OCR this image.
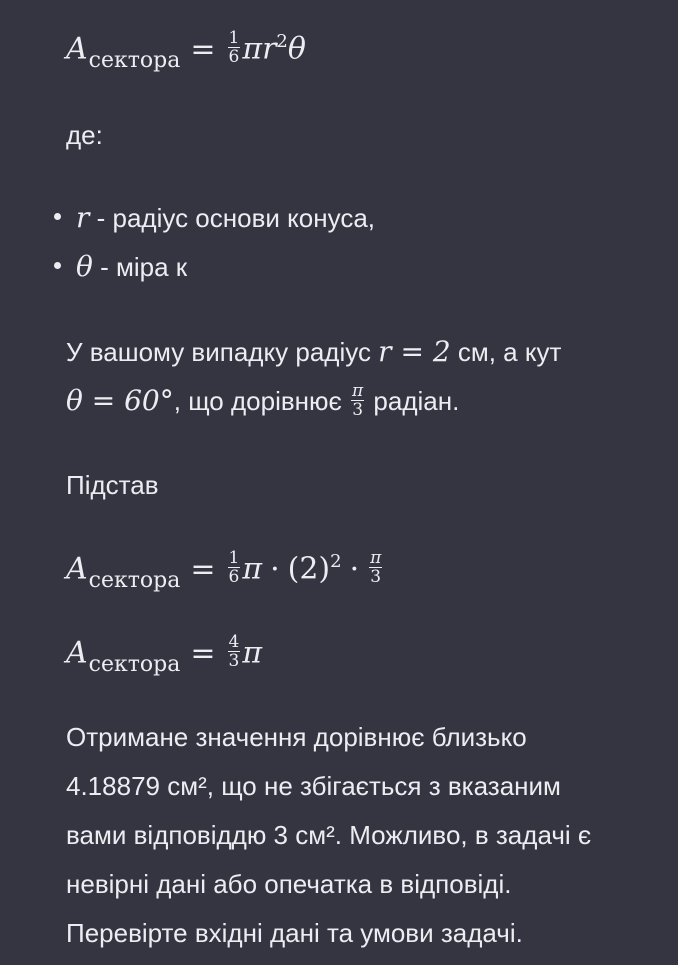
$A_{сектора} = \frac{1}{6} \pi r^2\theta$
де:
r - радіус основи конуса,
θ - міра к
У вашому випадку радіус r = 2 см, а кут
θ = 60°, що дорівнює $\frac{\pi}{3}$ радіан.
Підстав
$A_{сектора} = \frac{1}{6}$ $\pi \cdot (2)^2 \cdot \frac{\pi}{3}$
$A_{сектора} = \frac{4}{3}$ π
Отримане значення дорівнює близько
4.18879 см², що не збігається з вказаним
вами відповіддю 3 см². Можливо, в задачі є
невірні дані або опечатка в відповіді.
Перевірте вхідні дані та умови задачі.
